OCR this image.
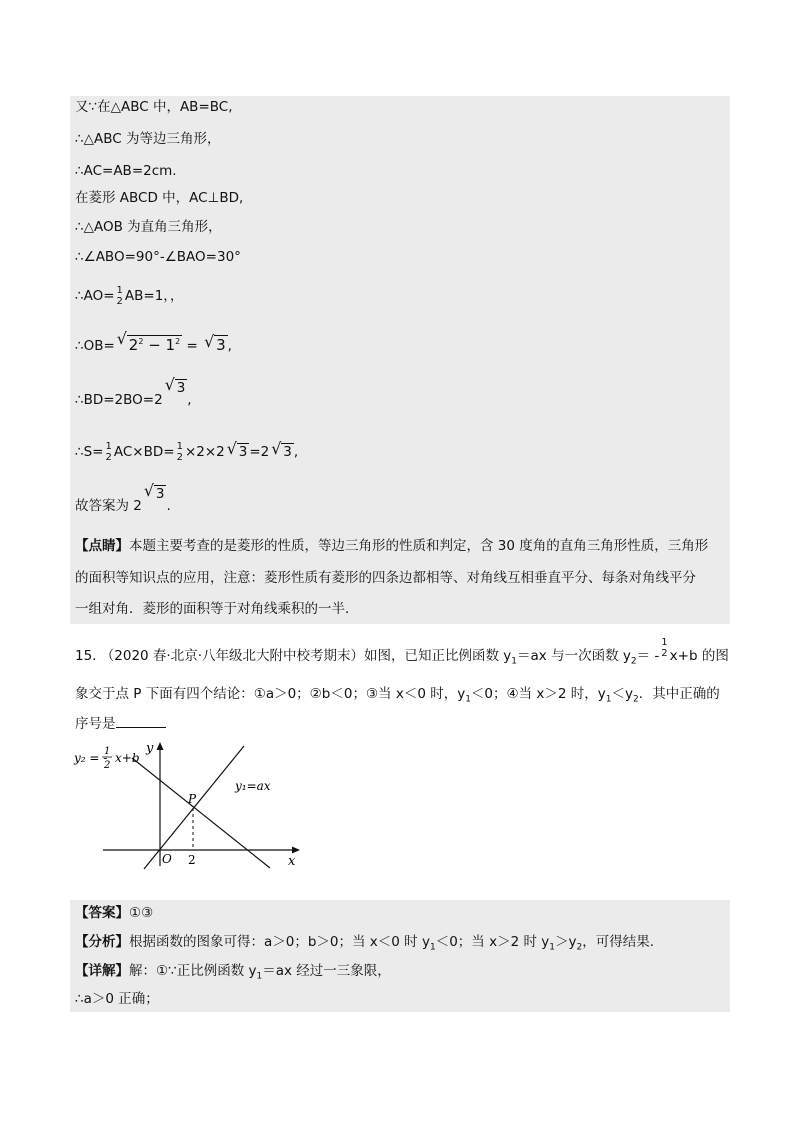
又∵在△ABC 中，AB=BC,
∴△ABC 为等边三角形，
∴AC=AB=2cm.
在菱形 ABCD 中，AC⊥BD,
∴△AOB 为直角三角形，
∴∠ABO=90°-∠BAO=30°
∴AO= 1
2 AB=1，，
∴OB= √ $2^2 - 1^2$ = √ 3 ,
∴BD=2BO=2√ 3,
∴S= 1
2 AC×BD= 1
2 ×2×2 √ 3 =2 √ 3 ,
故答案为 2√ 3.
【点睛】本题主要考查的是菱形的性质，等边三角形的性质和判定，含 30 度角的直角三角形性质，三角形
的面积等知识点的应用，注意：菱形性质有菱形的四条边都相等、对角线互相垂直平分、每条对角线平分
一组对角．菱形的面积等于对角线乘积的一半．
15. （2020 春·北京·八年级北大附中校考期末）如图，已知正比例函数 $y_1=ax$ 与一次函数 $y_2=$ -
1
2 x+b 的图
象交于点 P 下面有四个结论：①a＞0；②b＜0；③当 x＜0 时，$y_1<0$；④当 x＞2 时，$y_1<y_2$．其中正确的
序号是
y₂ = -
1
2
x+b
y₁=ax
y
x
P
O 2
【答案】①③
【分析】根据函数的图象可得：a＞0；b＞0；当 x＜0 时 $y_1<0$；当 x＞2 时 $y_1>y_2$，可得结果.
【详解】解：①∵正比例函数 $y_1=ax$ 经过一三象限，
∴a＞0 正确；
